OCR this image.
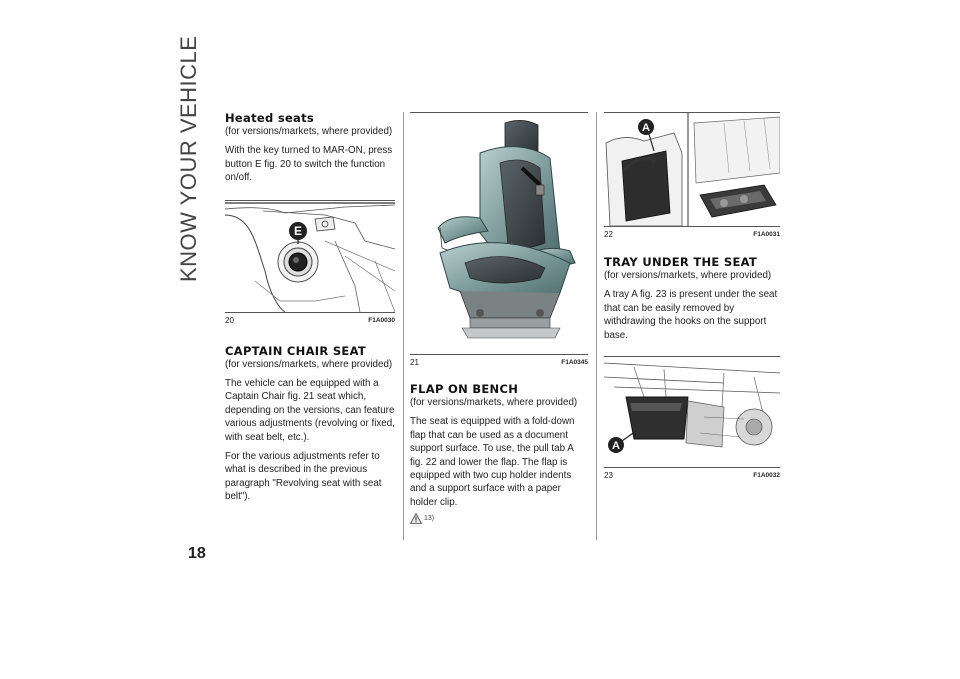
KNOW YOUR VEHICLE
18
Heated seats

(for versions/markets, where provided)

With the key turned to MAR-ON, press button E fig. 20 to switch the function on/off.

E
20	F1A0030
CAPTAIN CHAIR SEAT

(for versions/markets, where provided)

The vehicle can be equipped with a Captain Chair fig. 21 seat which, depending on the versions, can feature various adjustments (revolving or fixed, with seat belt, etc.).

For the various adjustments refer to what is described in the previous paragraph "Revolving seat with seat belt").

21	F1A0345
FLAP ON BENCH

(for versions/markets, where provided)

The seat is equipped with a fold-down flap that can be used as a document support surface. To use, the pull tab A fig. 22 and lower the flap. The flap is equipped with two cup holder indents and a support surface with a paper holder clip.

13)
A
22	F1A0031
TRAY UNDER THE SEAT

(for versions/markets, where provided)

A tray A fig. 23 is present under the seat that can be easily removed by withdrawing the hooks on the support base.

A
23	F1A0032
